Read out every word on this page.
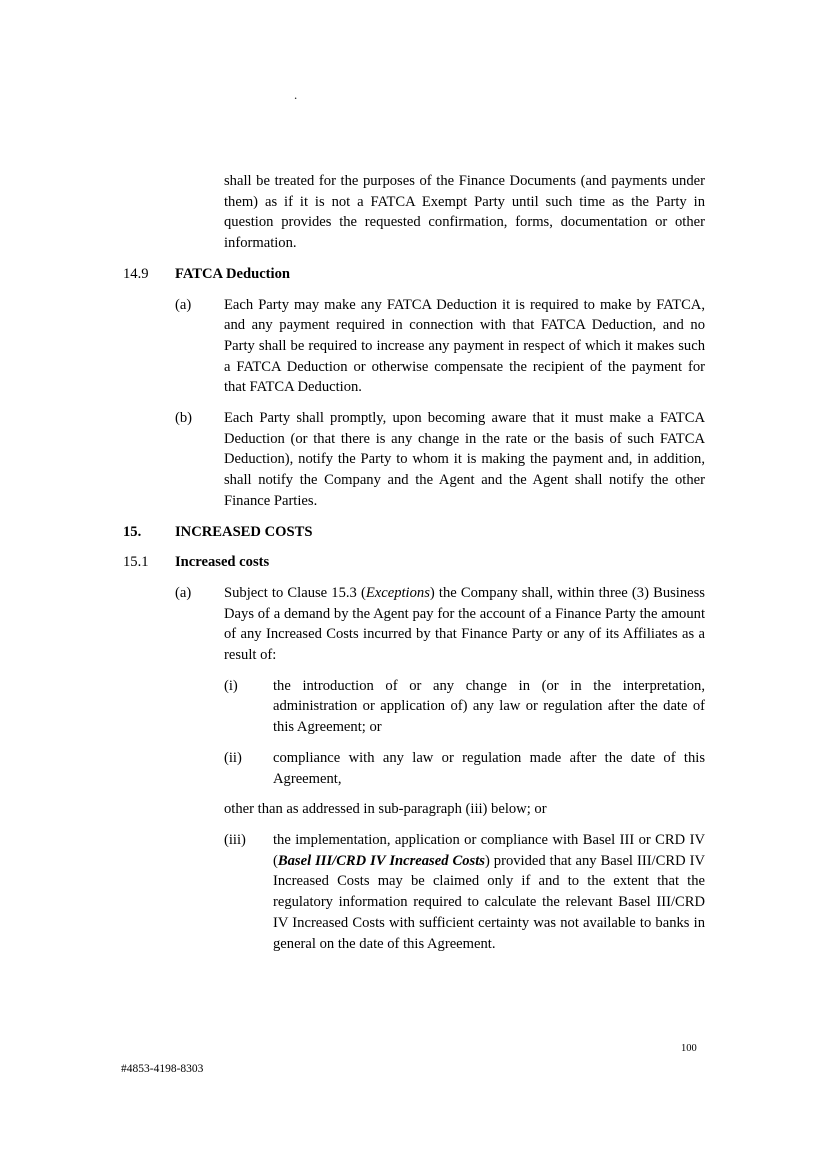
.

shall be treated for the purposes of the Finance Documents (and payments under them) as if it is not a FATCA Exempt Party until such time as the Party in question provides the requested confirmation, forms, documentation or other information.

14.9	FATCA Deduction
(a)	Each Party may make any FATCA Deduction it is required to make by FATCA, and any payment required in connection with that FATCA Deduction, and no Party shall be required to increase any payment in respect of which it makes such a FATCA Deduction or otherwise compensate the recipient of the payment for that FATCA Deduction.
(b)	Each Party shall promptly, upon becoming aware that it must make a FATCA Deduction (or that there is any change in the rate or the basis of such FATCA Deduction), notify the Party to whom it is making the payment and, in addition, shall notify the Company and the Agent and the Agent shall notify the other Finance Parties.
15.	INCREASED COSTS
15.1	Increased costs
(a)	Subject to Clause 15.3 (Exceptions) the Company shall, within three (3) Business Days of a demand by the Agent pay for the account of a Finance Party the amount of any Increased Costs incurred by that Finance Party or any of its Affiliates as a result of:
(i)	the introduction of or any change in (or in the interpretation, administration or application of) any law or regulation after the date of this Agreement; or
(ii)	compliance with any law or regulation made after the date of this Agreement,

other than as addressed in sub-paragraph (iii) below; or

(iii)	the implementation, application or compliance with Basel III or CRD IV (Basel III/CRD IV Increased Costs) provided that any Basel III/CRD IV Increased Costs may be claimed only if and to the extent that the regulatory information required to calculate the relevant Basel III/CRD IV Increased Costs with sufficient certainty was not available to banks in general on the date of this Agreement.
100
#4853-4198-8303
